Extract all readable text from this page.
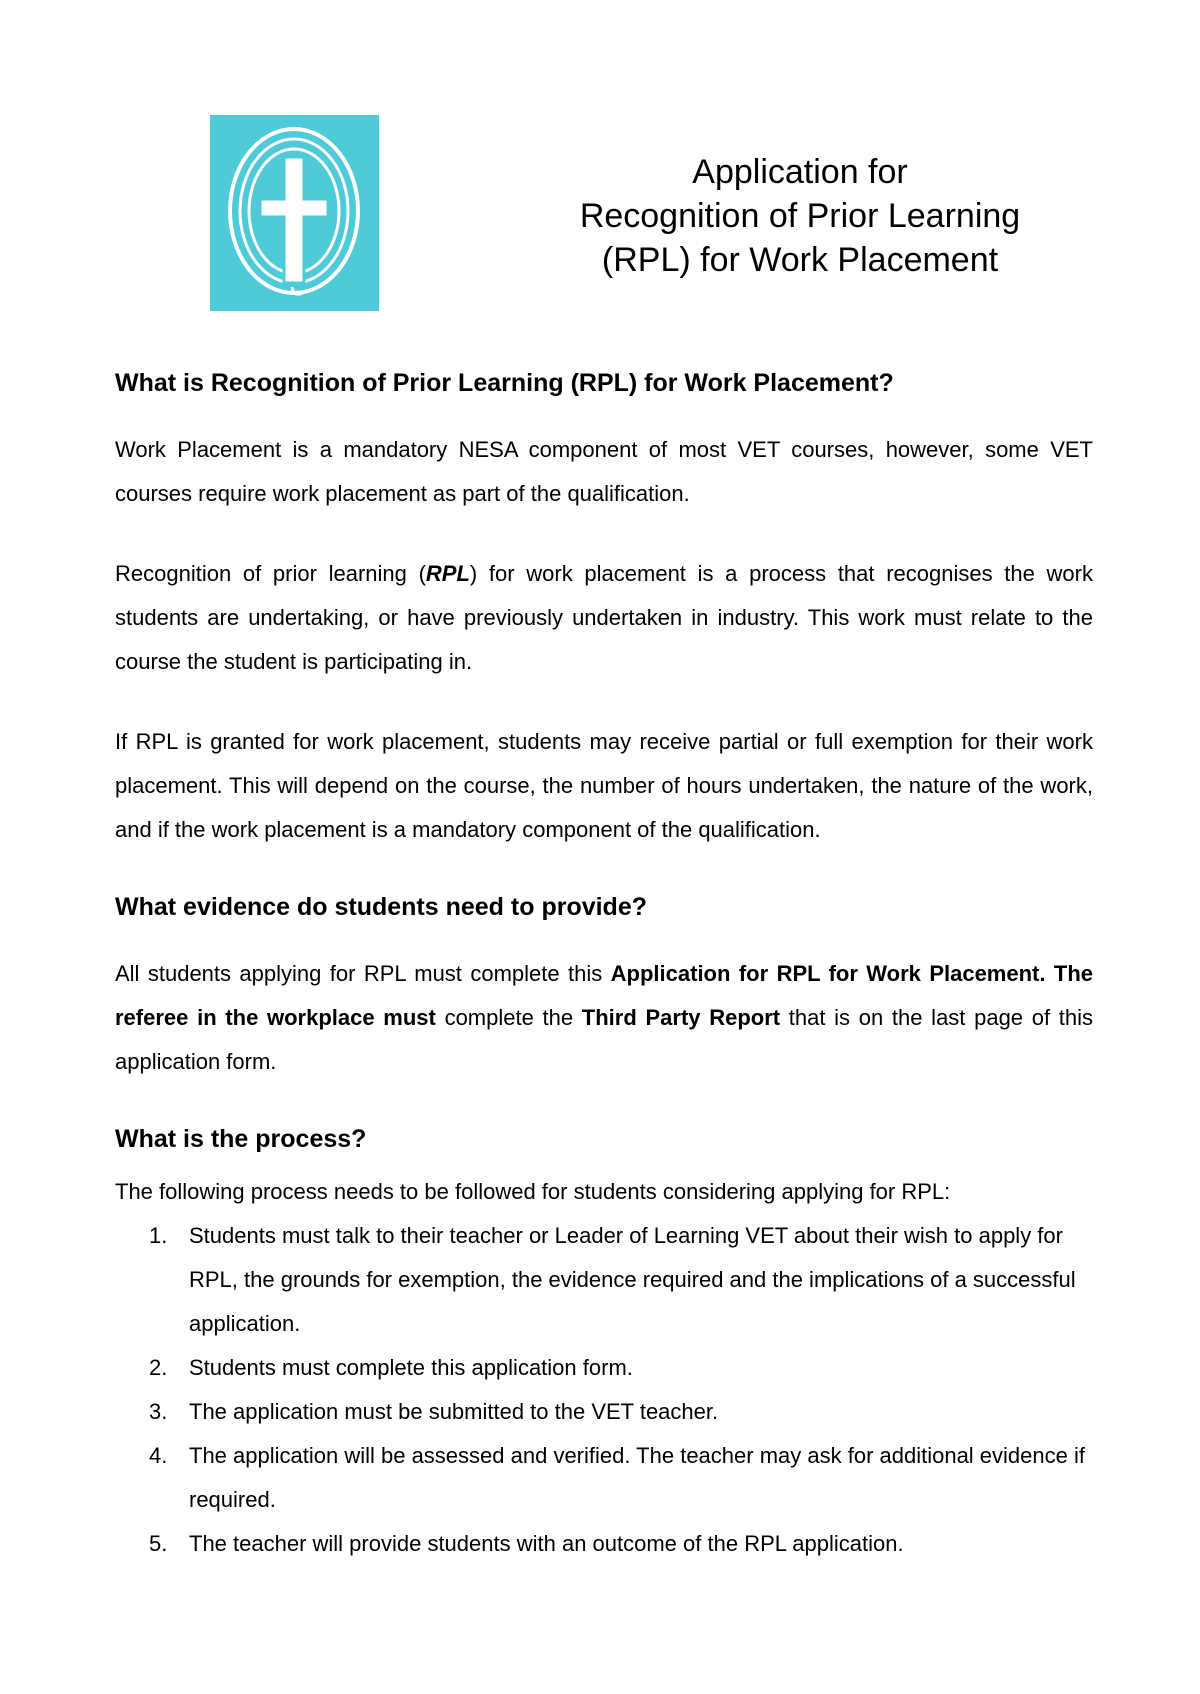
Application for
Recognition of Prior Learning
(RPL) for Work Placement
What is Recognition of Prior Learning (RPL) for Work Placement?

Work Placement is a mandatory NESA component of most VET courses, however, some VET courses require work placement as part of the qualification.

Recognition of prior learning (RPL) for work placement is a process that recognises the work students are undertaking, or have previously undertaken in industry. This work must relate to the course the student is participating in.

If RPL is granted for work placement, students may receive partial or full exemption for their work placement. This will depend on the course, the number of hours undertaken, the nature of the work, and if the work placement is a mandatory component of the qualification.

What evidence do students need to provide?

All students applying for RPL must complete this Application for RPL for Work Placement. The referee in the workplace must complete the Third Party Report that is on the last page of this application form.

What is the process?

The following process needs to be followed for students considering applying for RPL:

1. Students must talk to their teacher or Leader of Learning VET about their wish to apply for RPL, the grounds for exemption, the evidence required and the implications of a successful application.
2. Students must complete this application form.
3. The application must be submitted to the VET teacher.
4. The application will be assessed and verified. The teacher may ask for additional evidence if required.
5. The teacher will provide students with an outcome of the RPL application.
